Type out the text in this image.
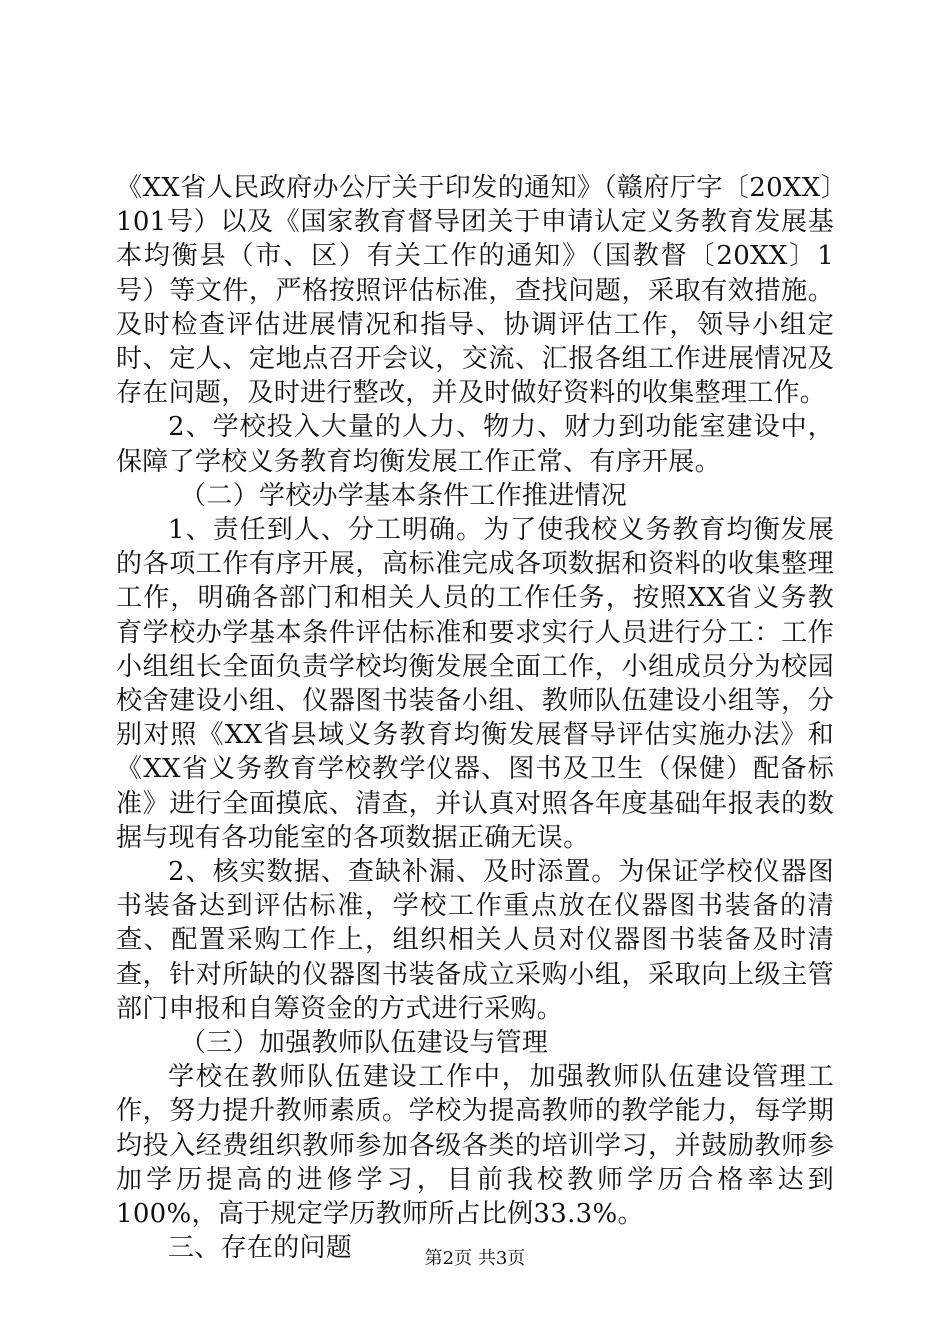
《XX省人民政府办公厅关于印发的通知》（赣府厅字〔20XX〕101号）以及《国家教育督导团关于申请认定义务教育发展基本均衡县（市、区）有关工作的通知》（国教督〔20XX〕1号）等文件，严格按照评估标准，查找问题，采取有效措施。及时检查评估进展情况和指导、协调评估工作，领导小组定时、定人、定地点召开会议，交流、汇报各组工作进展情况及存在问题，及时进行整改，并及时做好资料的收集整理工作。

2、学校投入大量的人力、物力、财力到功能室建设中，保障了学校义务教育均衡发展工作正常、有序开展。

（二）学校办学基本条件工作推进情况

1、责任到人、分工明确。为了使我校义务教育均衡发展的各项工作有序开展，高标准完成各项数据和资料的收集整理工作，明确各部门和相关人员的工作任务，按照XX省义务教育学校办学基本条件评估标准和要求实行人员进行分工：工作小组组长全面负责学校均衡发展全面工作，小组成员分为校园校舍建设小组、仪器图书装备小组、教师队伍建设小组等，分别对照《XX省县域义务教育均衡发展督导评估实施办法》和《XX省义务教育学校教学仪器、图书及卫生（保健）配备标准》进行全面摸底、清查，并认真对照各年度基础年报表的数据与现有各功能室的各项数据正确无误。

2、核实数据、查缺补漏、及时添置。为保证学校仪器图书装备达到评估标准，学校工作重点放在仪器图书装备的清查、配置采购工作上，组织相关人员对仪器图书装备及时清查，针对所缺的仪器图书装备成立采购小组，采取向上级主管部门申报和自筹资金的方式进行采购。

（三）加强教师队伍建设与管理

学校在教师队伍建设工作中，加强教师队伍建设管理工作，努力提升教师素质。学校为提高教师的教学能力，每学期均投入经费组织教师参加各级各类的培训学习，并鼓励教师参加学历提高的进修学习，目前我校教师学历合格率达到100%，高于规定学历教师所占比例33.3%。

三、存在的问题	第2页 共3页
